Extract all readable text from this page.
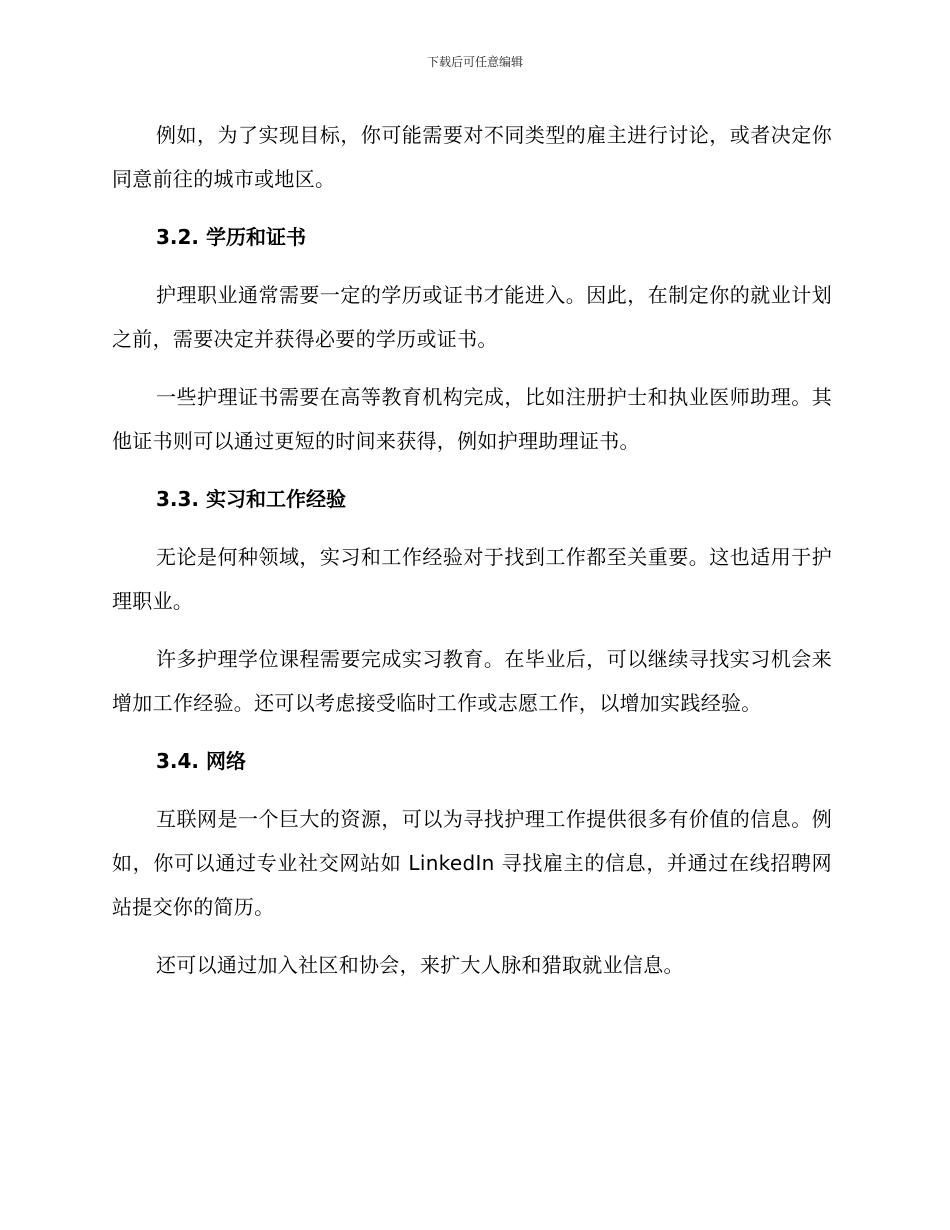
下载后可任意编辑

例如，为了实现目标，你可能需要对不同类型的雇主进行讨论，或者决定你同意前往的城市或地区。

3.2. 学历和证书

护理职业通常需要一定的学历或证书才能进入。因此，在制定你的就业计划之前，需要决定并获得必要的学历或证书。

一些护理证书需要在高等教育机构完成，比如注册护士和执业医师助理。其他证书则可以通过更短的时间来获得，例如护理助理证书。

3.3. 实习和工作经验

无论是何种领域，实习和工作经验对于找到工作都至关重要。这也适用于护理职业。

许多护理学位课程需要完成实习教育。在毕业后，可以继续寻找实习机会来增加工作经验。还可以考虑接受临时工作或志愿工作，以增加实践经验。

3.4. 网络

互联网是一个巨大的资源，可以为寻找护理工作提供很多有价值的信息。例如，你可以通过专业社交网站如 LinkedIn 寻找雇主的信息，并通过在线招聘网站提交你的简历。

还可以通过加入社区和协会，来扩大人脉和猎取就业信息。
